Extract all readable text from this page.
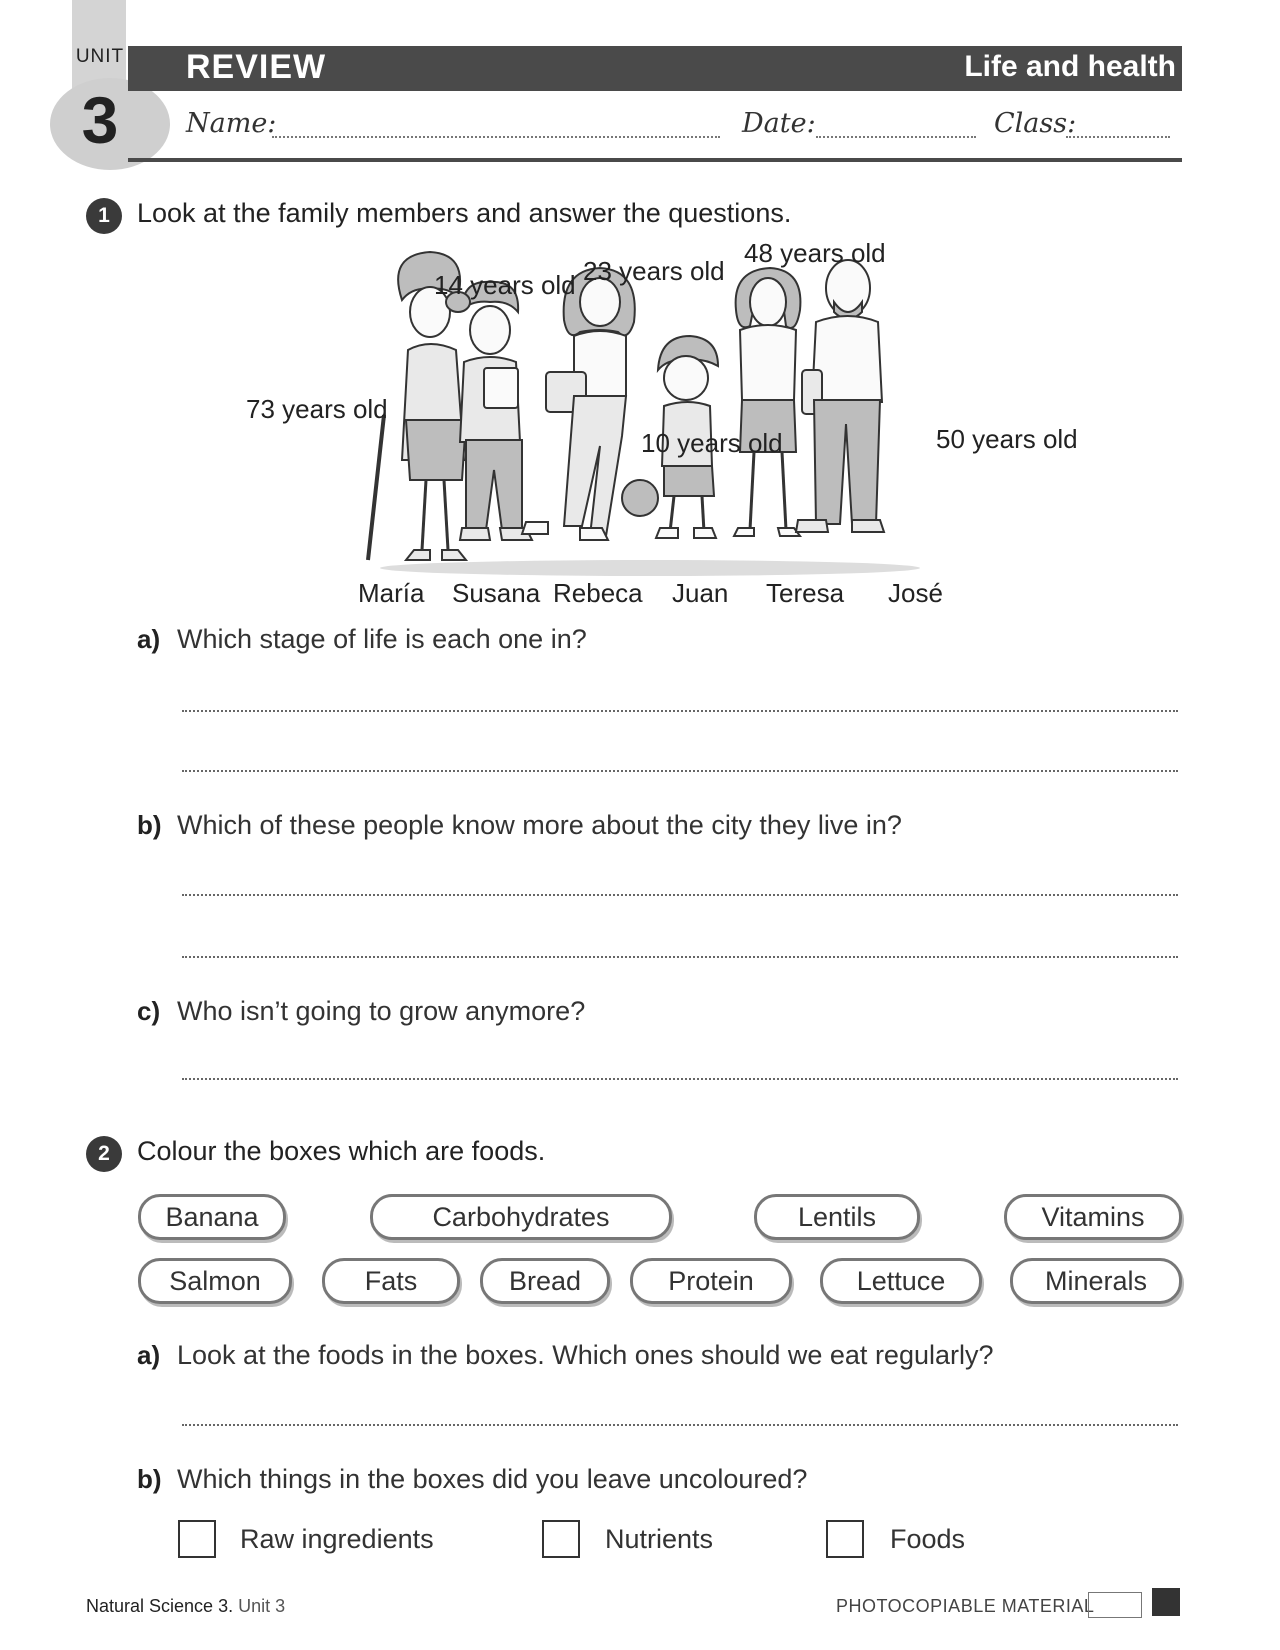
UNIT
3
REVIEW	Life and health
Name:	Date:	Class:
1	Look at the family members and answer the questions.
73 years old
14 years old 23 years old
10 years old
48 years old
50 years old
María Susana Rebeca Juan Teresa José
a) Which stage of life is each one in?
b) Which of these people know more about the city they live in?
c) Who isn’t going to grow anymore?
2	Colour the boxes which are foods.
Banana	Carbohydrates	Lentils	Vitamins
Salmon	Fats	Bread	Protein	Lettuce	Minerals
a) Look at the foods in the boxes. Which ones should we eat regularly?
b) Which things in the boxes did you leave uncoloured?
Raw ingredients	Nutrients	Foods
Natural Science 3. Unit 3	PHOTOCOPIABLE MATERIAL
